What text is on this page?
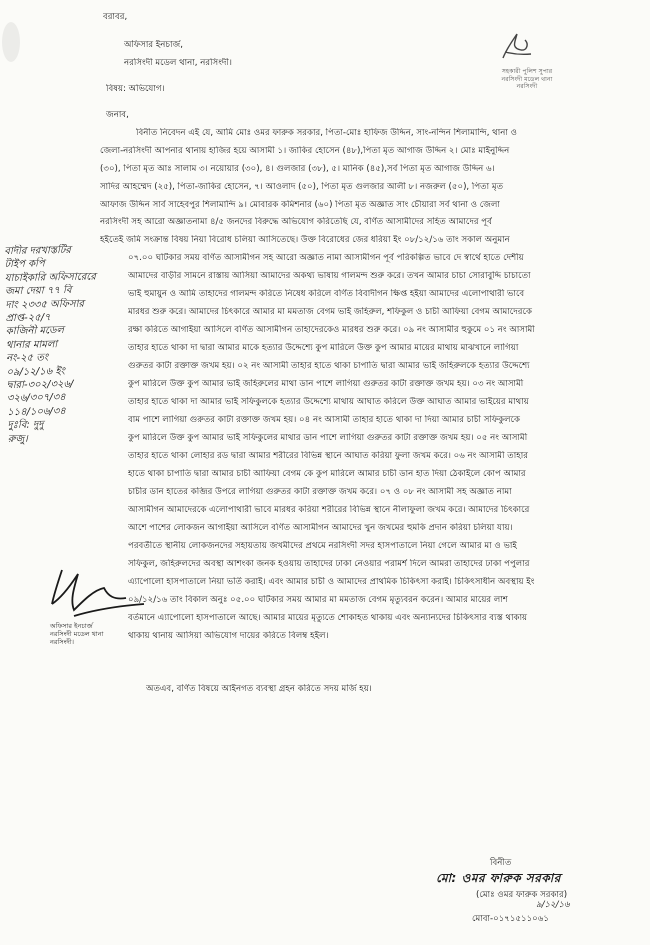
বরাবর,
অফিসার ইনচার্জ,
নরসিংদী মডেল থানা, নরসিংদী।
বিষয়: অভিযোগ।
সহকারী পুলিশ সুপার
নরসিংদী মডেল থানা
নরসিংদী
জনাব,
বিনীত নিবেদন এই যে, আমি মোঃ ওমর ফারুক সরকার, পিতা-মোঃ হাফিজ উদ্দিন, সাং-নন্দিন শিলামান্দি, থানা ও
জেলা-নরসিংদী আপনার থানায় হাজির হয়ে আসামী ১। জাকির হোসেন (৪৮),পিতা মৃত আগাজ উদ্দিন ২। মোঃ মাইনুদ্দিন
(৩০), পিতা মৃত আঃ সালাম ৩। নয়োয়ার (৩০), ৪। গুলজার (৩৮), ৫। মানিক (৪৫),সর্ব পিতা মৃত আগাজ উদ্দিন ৬।
সাদির আহম্মেদ (২৫), পিতা-জাকির হোসেন, ৭। আওলাদ (৫০), পিতা মৃত গুলজার আলী ৮। নজরুল (৫০), পিতা মৃত
আফাজ উদ্দিন সার্ব সাহেবপুর শিলামান্দি ৯। মোবারক কমিশনার (৬০) পিতা মৃত অজ্ঞাত সাং চৌয়ারা সর্ব থানা ও জেলা
নরসিংদী সহ আরো অজ্ঞাতনামা ৪/৫ জনদের বিরুদ্ধে অভিযোগ করিতেছি যে, বর্ণিত আসামীদের সহিত আমাদের পূর্ব
হইতেই জমি সংক্রান্ত বিষয় নিয়া বিরোধ চলিয়া আসিতেছে। উক্ত বিরোধের জের ধরিয়া ইং ০৮/১২/১৬ তাং সকাল অনুমান
০৭.০০ ঘটিকার সময় বর্ণিত আসামীগন সহ আরো অজ্ঞাত নামা আসামীগন পূর্ব পরিকল্পিত ভাবে দে স্বার্থে হাতে দেশীয়
আমাদের বাড়ীর সামনে রাস্তায় আসিয়া আমাদের অকথ্য ভাষায় গালমন্দ শুরু করে। তখন আমার চাচা সোরাবুদ্দি চাচাতো
ভাই হুমায়ুন ও আমি তাহাদের গালমন্দ করিতে নিষেধ করিলে বর্ণিত বিবাদীগন ক্ষিপ্ত হইয়া আমাদের এলোপাথারী ভাবে
মারধর শুরু করে। আমাদের চিৎকারে আমার মা মমতাজ বেগম ভাই জহিরুল, শফিকুল ও চাচী আফিয়া বেগম আমাদেরকে
রক্ষা করিতে আগাইয়া আসিলে বর্ণিত আসামীগন তাহাদেরকেও মারধর শুরু করে। ০৯ নং আসামীর হুকুমে ০১ নং আসামী
তাহার হাতে থাকা দা দ্বারা আমার মাকে হত্যার উদ্দেশ্যে কুপ মারিলে উক্ত কুপ আমার মায়ের মাথায় মাঝখানে লাগিয়া
গুরুতর কাটা রক্তাক্ত জখম হয়। ০২ নং আসামী তাহার হাতে থাকা চাপাতি দ্বারা আমার ভাই জহিরুলকে হত্যার উদ্দেশ্যে
কুপ মারিলে উক্ত কুপ আমার ভাই জহিরুলের মাথা ডান পাশে লাগিয়া গুরুতর কাটা রক্তাক্ত জখম হয়। ০৩ নং আসামী
তাহার হাতে থাকা দা আমার ভাই সফিকুলকে হত্যার উদ্দেশ্যে মাথায় আঘাত করিলে উক্ত আঘাত আমার ভাইয়ের মাথায়
বাম পাশে লাগিয়া গুরুতর কাটা রক্তাক্ত জখম হয়। ০৪ নং আসামী তাহার হাতে থাকা দা দিয়া আমার চাচী সফিকুলকে
কুপ মারিলে উক্ত কুপ আমার ভাই সফিকুলের মাথার ডান পাশে লাগিয়া গুরুতর কাটা রক্তাক্ত জখম হয়। ০৫ নং আসামী
তাহার হাতে থাকা লোহার রড দ্বারা আমার শরীরের বিভিন্ন স্থানে আঘাত করিয়া ফুলা জখম করে। ০৬ নং আসামী তাহার
হাতে থাকা চাপাতি দ্বারা আমার চাচী আফিয়া বেগম কে কুপ মারিলে আমার চাচী ডান হাত দিয়া ঠেকাইলে কোপ আমার
চাচীর ডান হাতের কব্জির উপরে লাগিয়া গুরুতর কাটা রক্তাক্ত জখম করে। ০৭ ও ০৮ নং আসামী সহ অজ্ঞাত নামা
আসামীগন আমাদেরকে এলোপাথারী ভাবে মারধর করিয়া শরীরের বিভিন্ন স্থানে নীলাফুলা জখম করে। আমাদের চিৎকারে
আশে পাশের লোকজন আগাইয়া আসিলে বর্ণিত আসামীগন আমাদের খুন জখমের হুমকি প্রদান করিয়া চলিয়া যায়।
পরবর্তীতে স্থানীয় লোকজনদের সহায়তায় জখমীদের প্রথমে নরসিংদী সদর হাসপাতালে নিয়া গেলে আমার মা ও ভাই
সফিকুল, জহিরুলদের অবস্থা আশংকা জনক হওয়ায় তাহাদের ঢাকা নেওয়ার পরামর্শ দিলে আমরা তাহাদের ঢাকা পপুলার
এ্যাপোলো হাসপাতালে নিয়া ভর্তি করাই। এবং আমার চাচী ও আমাদের প্রাথমিক চিকিৎসা করাই। চিকিৎসাধীন অবস্থায় ইং
০৯/১২/১৬ তাং বিকাল অনুঃ ০৫.০০ ঘটিকার সময় আমার মা মমতাজ বেগম মৃত্যুবরন করেন। আমার মায়ের লাশ
বর্তমানে এ্যাপোলো হাসপাতালে আছে। আমার মায়ের মৃত্যুতে শোকাহত থাকায় এবং অন্যান্যদের চিকিৎসার ব্যস্ত থাকায়
থাকায় থানায় আসিয়া অভিযোগ দায়ের করিতে বিলম্ব হইল।
অতএব, বর্ণিত বিষয়ে আইনগত ব্যবস্থা গ্রহন করিতে সদয় মর্জি হয়।
বাদীর দরখাস্তটির
টাইপ কপি
যাচাইকারি অফিসারেরে
জমা দেয়া ৭৭ বি
দাং ২৩৩৫ অফিসার
প্রাপ্ত-২৫/৭
কাজিনী মডেল
থানার মামলা
নং-২৫ তং
০৯/১২/১৬ ইং
দ্বারা-৩০২/৩২৬/
৩২৬/৩০৭/৩৪
১১৪/১০৬/৩৪
দুঃবি: দুদু
রুজু।
অফিসার ইনচার্জ
নরসিংদী মডেল থানা
নরসিংদী।
বিনীত
মো: ওমর ফারুক সরকার
(মোঃ ওমর ফারুক সরকার)
৯/১২/১৬
মোবা-০১৭১৫১১০৬১
